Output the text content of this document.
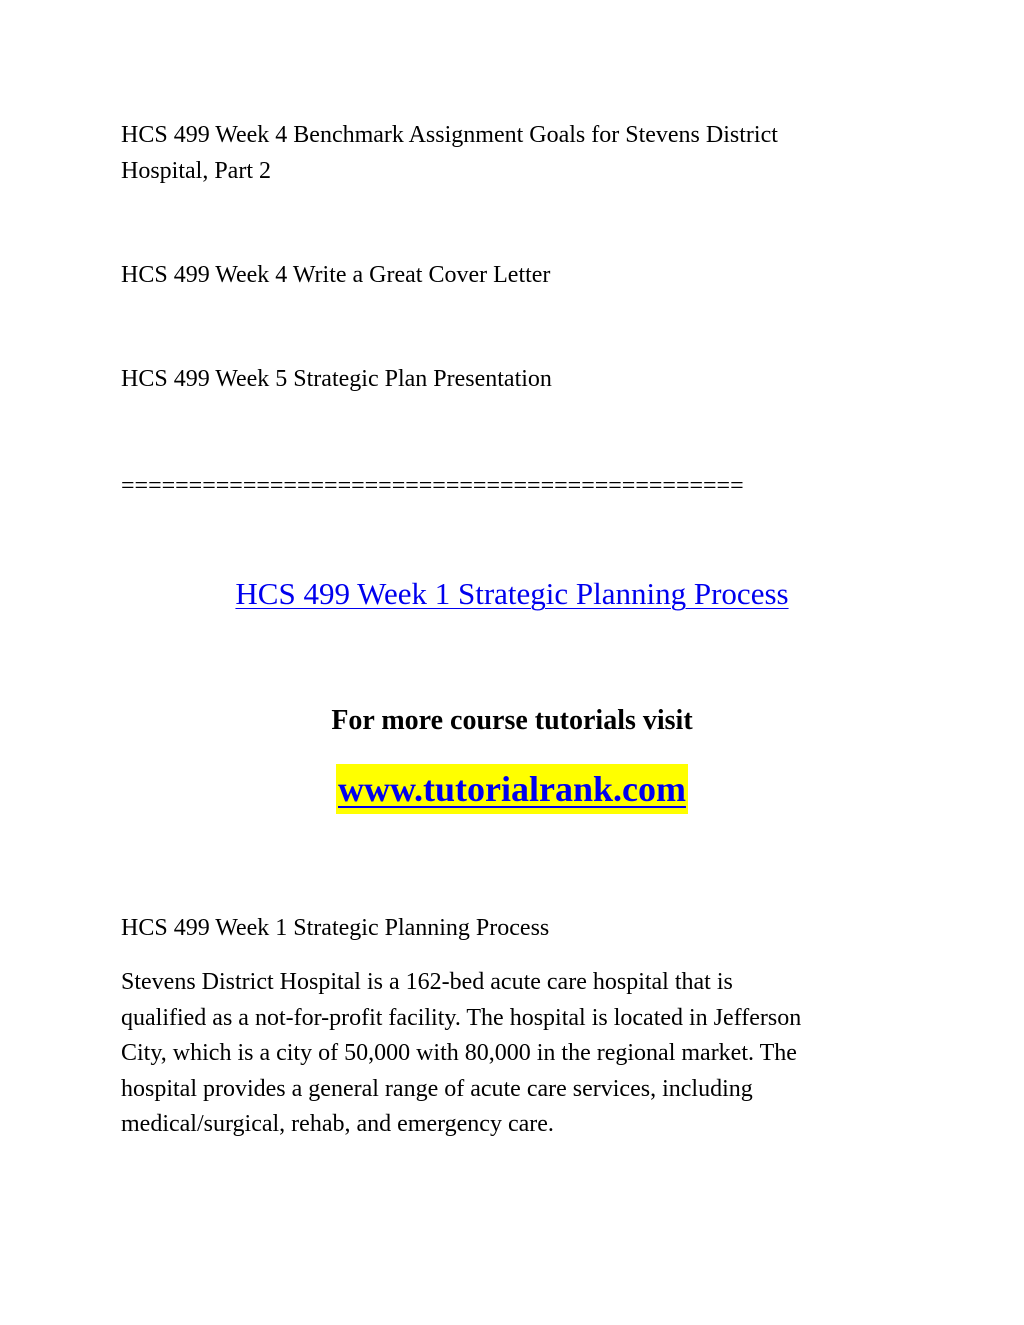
HCS 499 Week 4 Benchmark Assignment Goals for Stevens District
Hospital, Part 2
HCS 499 Week 4 Write a Great Cover Letter
HCS 499 Week 5 Strategic Plan Presentation
==============================================
HCS 499 Week 1 Strategic Planning Process
For more course tutorials visit
www.tutorialrank.com
HCS 499 Week 1 Strategic Planning Process
Stevens District Hospital is a 162-bed acute care hospital that is
qualified as a not-for-profit facility. The hospital is located in Jefferson
City, which is a city of 50,000 with 80,000 in the regional market. The
hospital provides a general range of acute care services, including
medical/surgical, rehab, and emergency care.
